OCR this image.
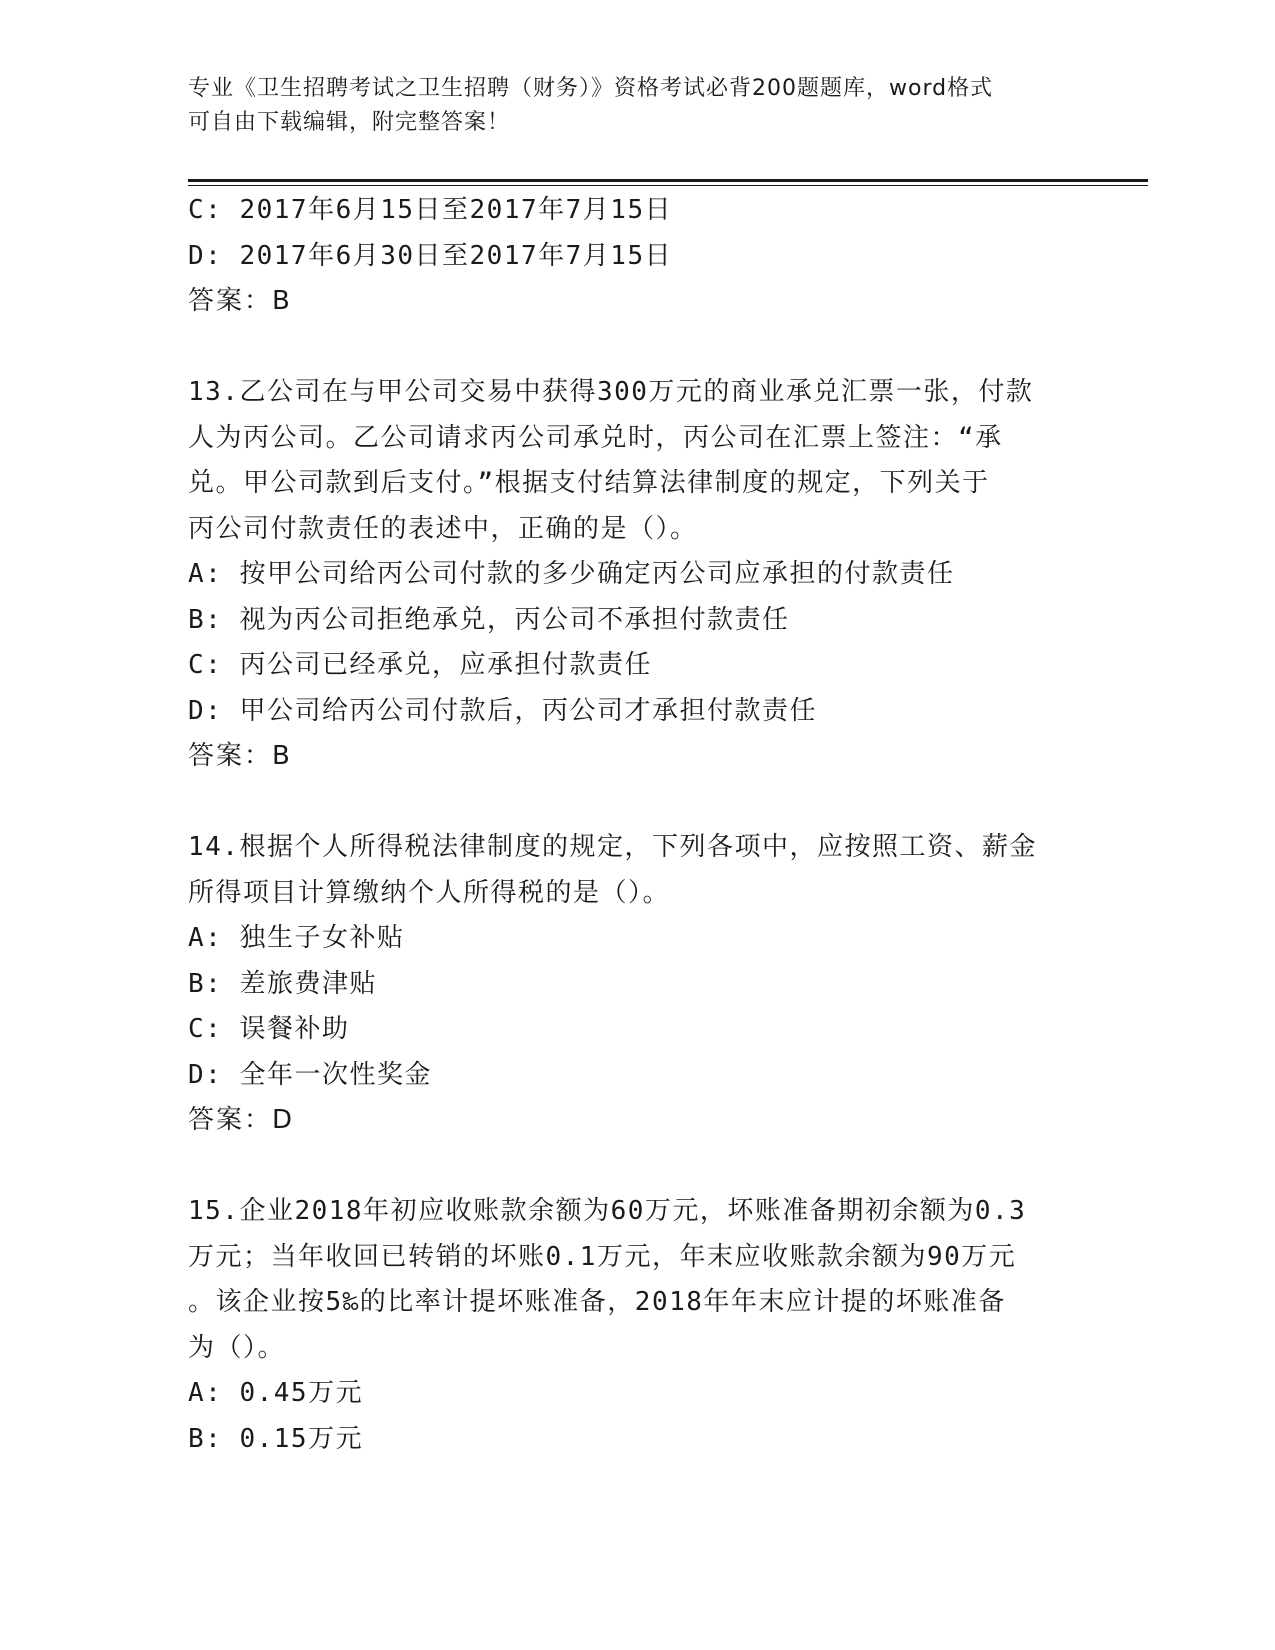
专业《卫生招聘考试之卫生招聘（财务）》资格考试必背200题题库，word格式
可自由下载编辑，附完整答案！
C: 2017年6月15日至2017年7月15日
D: 2017年6月30日至2017年7月15日
答案：B
13.乙公司在与甲公司交易中获得300万元的商业承兑汇票一张，付款
人为丙公司。乙公司请求丙公司承兑时，丙公司在汇票上签注：“承
兑。甲公司款到后支付。”根据支付结算法律制度的规定，下列关于
丙公司付款责任的表述中，正确的是（）。
A: 按甲公司给丙公司付款的多少确定丙公司应承担的付款责任
B: 视为丙公司拒绝承兑，丙公司不承担付款责任
C: 丙公司已经承兑，应承担付款责任
D: 甲公司给丙公司付款后，丙公司才承担付款责任
答案：B
14.根据个人所得税法律制度的规定，下列各项中，应按照工资、薪金
所得项目计算缴纳个人所得税的是（）。
A: 独生子女补贴
B: 差旅费津贴
C: 误餐补助
D: 全年一次性奖金
答案：D
15.企业2018年初应收账款余额为60万元，坏账准备期初余额为0.3
万元；当年收回已转销的坏账0.1万元，年末应收账款余额为90万元
。该企业按5‰的比率计提坏账准备，2018年年末应计提的坏账准备
为（）。
A: 0.45万元
B: 0.15万元
